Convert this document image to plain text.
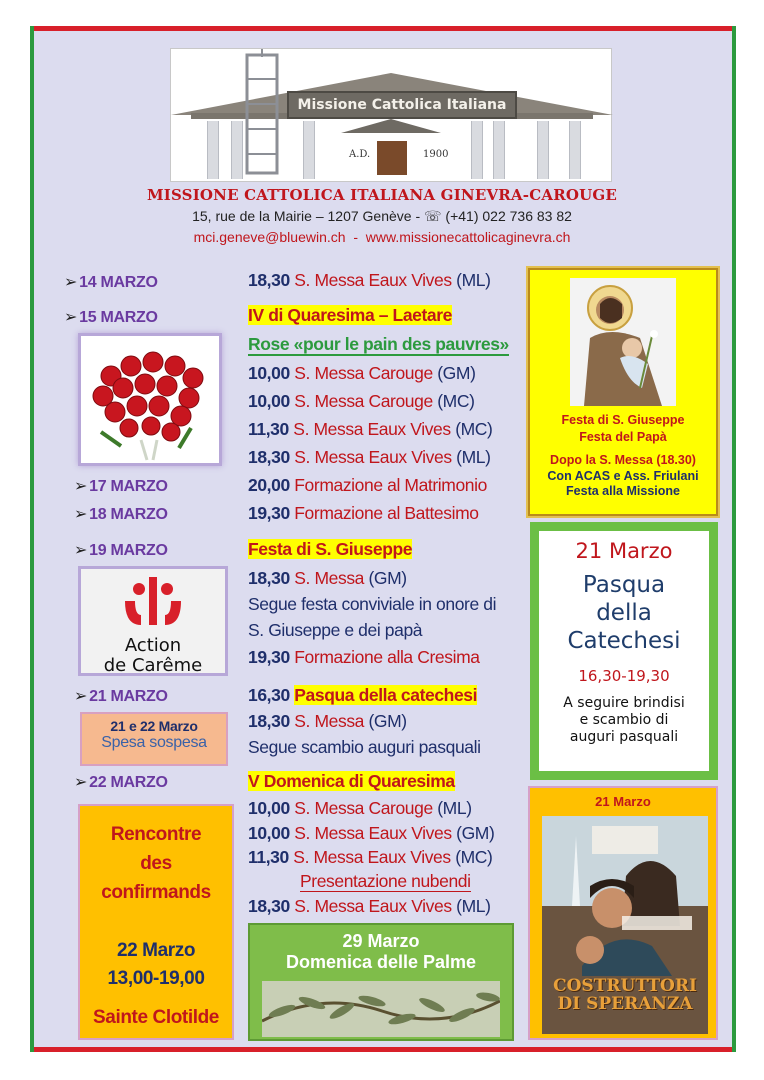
Missione Cattolica Italiana
A.D.	1900
MISSIONE CATTOLICA ITALIANA GINEVRA-CAROUGE
15, rue de la Mairie – 1207 Genève - ☏ (+41) 022 736 83 82
mci.geneve@bluewin.ch - www.missionecattolicaginevra.ch
➢ 14 MARZO
➢ 15 MARZO
➢ 17 MARZO
➢ 18 MARZO
➢ 19 MARZO
➢ 21 MARZO
➢ 22 MARZO
Action
de Carême
21 e 22 Marzo
Spesa sospesa
Rencontre
des
confirmands
22 Marzo
13,00-19,00
Sainte Clotilde
18,30 S. Messa Eaux Vives (ML)
IV di Quaresima – Laetare
Rose «pour le pain des pauvres»
10,00 S. Messa Carouge (GM)
10,00 S. Messa Carouge (MC)
11,30 S. Messa Eaux Vives (MC)
18,30 S. Messa Eaux Vives (ML)
20,00 Formazione al Matrimonio
19,30 Formazione al Battesimo
Festa di S. Giuseppe
18,30 S. Messa (GM)
Segue festa conviviale in onore di
S. Giuseppe e dei papà
19,30 Formazione alla Cresima
16,30 Pasqua della catechesi
18,30 S. Messa (GM)
Segue scambio auguri pasquali
V Domenica di Quaresima
10,00 S. Messa Carouge (ML)
10,00 S. Messa Eaux Vives (GM)
11,30 S. Messa Eaux Vives (MC)
Presentazione nubendi
18,30 S. Messa Eaux Vives (ML)
Festa di S. Giuseppe
Festa del Papà
Dopo la S. Messa (18.30)
Con ACAS e Ass. Friulani
Festa alla Missione
21 Marzo
Pasqua
della
Catechesi
16,30-19,30
A seguire brindisi
e scambio di
auguri pasquali
21 Marzo
COSTRUTTORI
DI SPERANZA
29 Marzo
Domenica delle Palme
